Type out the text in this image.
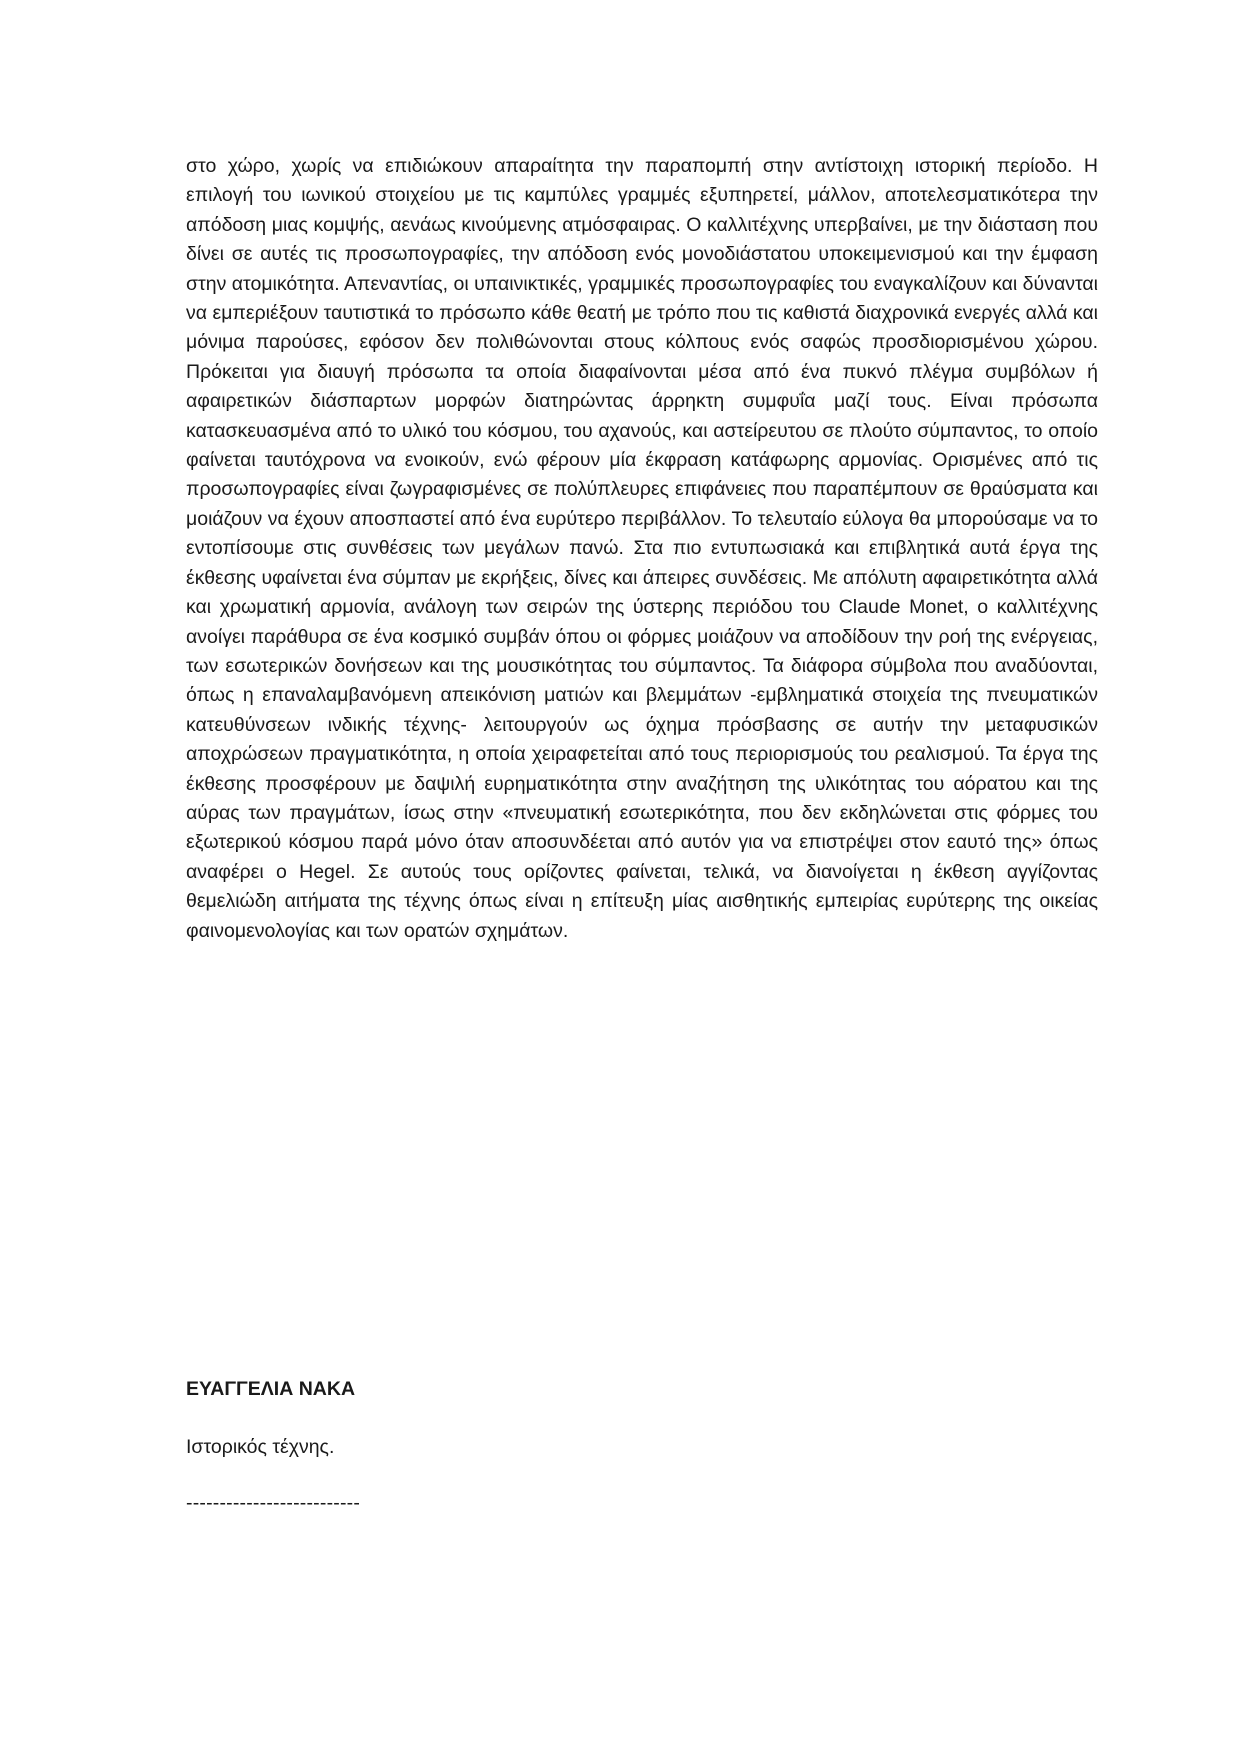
στο χώρο, χωρίς να επιδιώκουν απαραίτητα την παραπομπή στην αντίστοιχη ιστορική περίοδο. Η επιλογή του ιωνικού στοιχείου με τις καμπύλες γραμμές εξυπηρετεί, μάλλον, αποτελεσματικότερα την απόδοση μιας κομψής, αενάως κινούμενης ατμόσφαιρας. Ο καλλιτέχνης υπερβαίνει, με την διάσταση που δίνει σε αυτές τις προσωπογραφίες, την απόδοση ενός μονοδιάστατου υποκειμενισμού και την έμφαση στην ατομικότητα. Απεναντίας, οι υπαινικτικές, γραμμικές προσωπογραφίες του εναγκαλίζουν και δύνανται να εμπεριέξουν ταυτιστικά το πρόσωπο κάθε θεατή με τρόπο που τις καθιστά διαχρονικά ενεργές αλλά και μόνιμα παρούσες, εφόσον δεν πολιθώνονται στους κόλπους ενός σαφώς προσδιορισμένου χώρου. Πρόκειται για διαυγή πρόσωπα τα οποία διαφαίνονται μέσα από ένα πυκνό πλέγμα συμβόλων ή αφαιρετικών διάσπαρτων μορφών διατηρώντας άρρηκτη συμφυΐα μαζί τους. Είναι πρόσωπα κατασκευασμένα από το υλικό του κόσμου, του αχανούς, και αστείρευτου σε πλούτο σύμπαντος, το οποίο φαίνεται ταυτόχρονα να ενοικούν, ενώ φέρουν μία έκφραση κατάφωρης αρμονίας. Ορισμένες από τις προσωπογραφίες είναι ζωγραφισμένες σε πολύπλευρες επιφάνειες που παραπέμπουν σε θραύσματα και μοιάζουν να έχουν αποσπαστεί από ένα ευρύτερο περιβάλλον. Το τελευταίο εύλογα θα μπορούσαμε να το εντοπίσουμε στις συνθέσεις των μεγάλων πανώ. Στα πιο εντυπωσιακά και επιβλητικά αυτά έργα της έκθεσης υφαίνεται ένα σύμπαν με εκρήξεις, δίνες και άπειρες συνδέσεις. Με απόλυτη αφαιρετικότητα αλλά και χρωματική αρμονία, ανάλογη των σειρών της ύστερης περιόδου του Claude Monet, ο καλλιτέχνης ανοίγει παράθυρα σε ένα κοσμικό συμβάν όπου οι φόρμες μοιάζουν να αποδίδουν την ροή της ενέργειας, των εσωτερικών δονήσεων και της μουσικότητας του σύμπαντος. Τα διάφορα σύμβολα που αναδύονται, όπως η επαναλαμβανόμενη απεικόνιση ματιών και βλεμμάτων -εμβληματικά στοιχεία της πνευματικών κατευθύνσεων ινδικής τέχνης- λειτουργούν ως όχημα πρόσβασης σε αυτήν την μεταφυσικών αποχρώσεων πραγματικότητα, η οποία χειραφετείται από τους περιορισμούς του ρεαλισμού. Τα έργα της έκθεσης προσφέρουν με δαψιλή ευρηματικότητα στην αναζήτηση της υλικότητας του αόρατου και της αύρας των πραγμάτων, ίσως στην «πνευματική εσωτερικότητα, που δεν εκδηλώνεται στις φόρμες του εξωτερικού κόσμου παρά μόνο όταν αποσυνδέεται από αυτόν για να επιστρέψει στον εαυτό της» όπως αναφέρει ο Hegel. Σε αυτούς τους ορίζοντες φαίνεται, τελικά, να διανοίγεται η έκθεση αγγίζοντας θεμελιώδη αιτήματα της τέχνης όπως είναι η επίτευξη μίας αισθητικής εμπειρίας ευρύτερης της οικείας φαινομενολογίας και των ορατών σχημάτων.

ΕΥΑΓΓΕΛΙΑ ΝΑΚΑ

Ιστορικός τέχνης.

--------------------------
